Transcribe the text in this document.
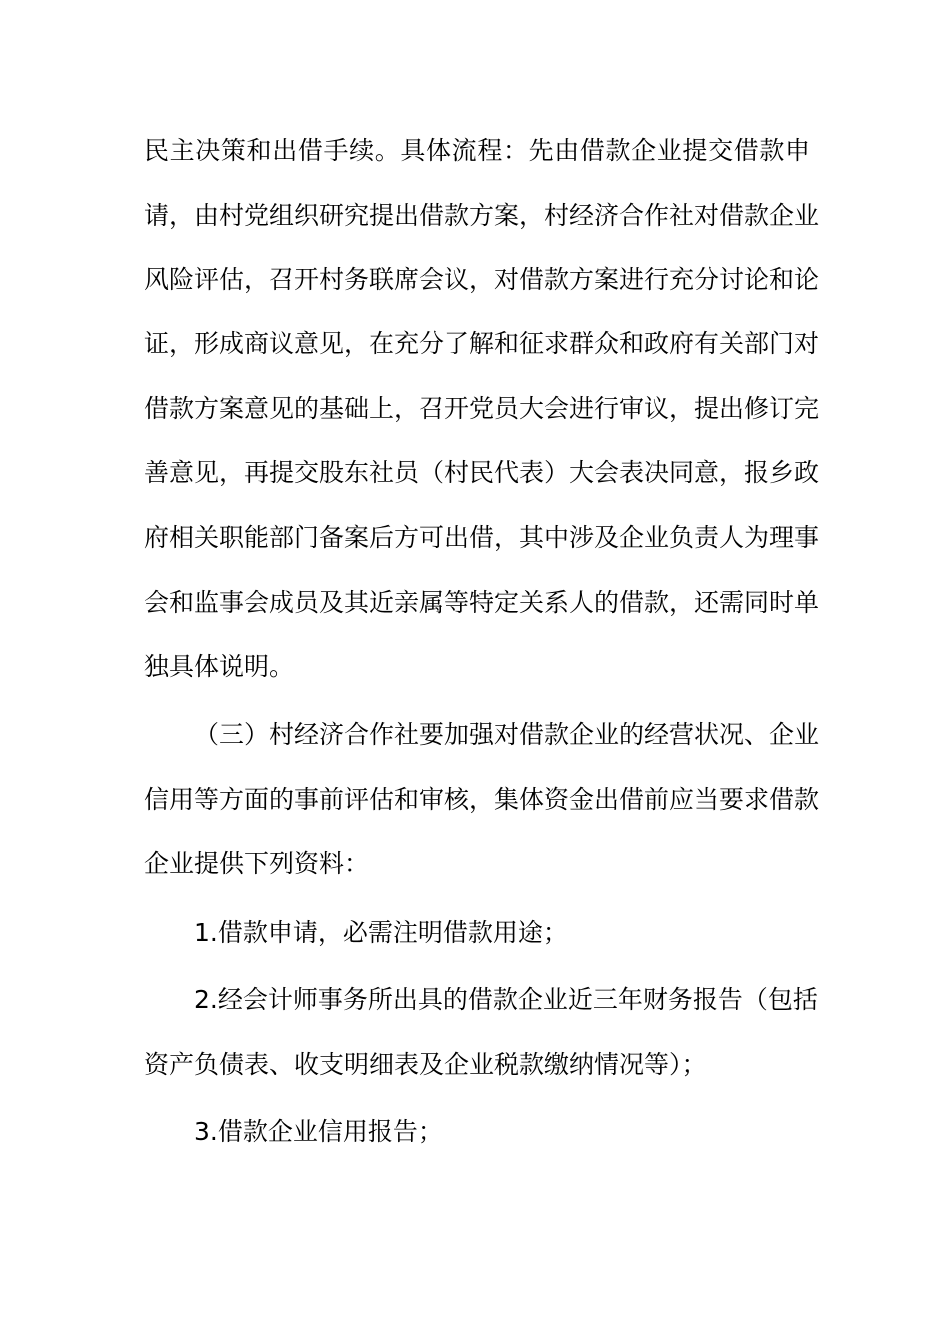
民主决策和出借手续。具体流程：先由借款企业提交借款申

请，由村党组织研究提出借款方案，村经济合作社对借款企业

风险评估，召开村务联席会议，对借款方案进行充分讨论和论

证，形成商议意见，在充分了解和征求群众和政府有关部门对

借款方案意见的基础上，召开党员大会进行审议，提出修订完

善意见，再提交股东社员（村民代表）大会表决同意，报乡政

府相关职能部门备案后方可出借，其中涉及企业负责人为理事

会和监事会成员及其近亲属等特定关系人的借款，还需同时单

独具体说明。

（三）村经济合作社要加强对借款企业的经营状况、企业

信用等方面的事前评估和审核，集体资金出借前应当要求借款

企业提供下列资料：

1.借款申请，必需注明借款用途；

2.经会计师事务所出具的借款企业近三年财务报告（包括

资产负债表、收支明细表及企业税款缴纳情况等）；

3.借款企业信用报告；
